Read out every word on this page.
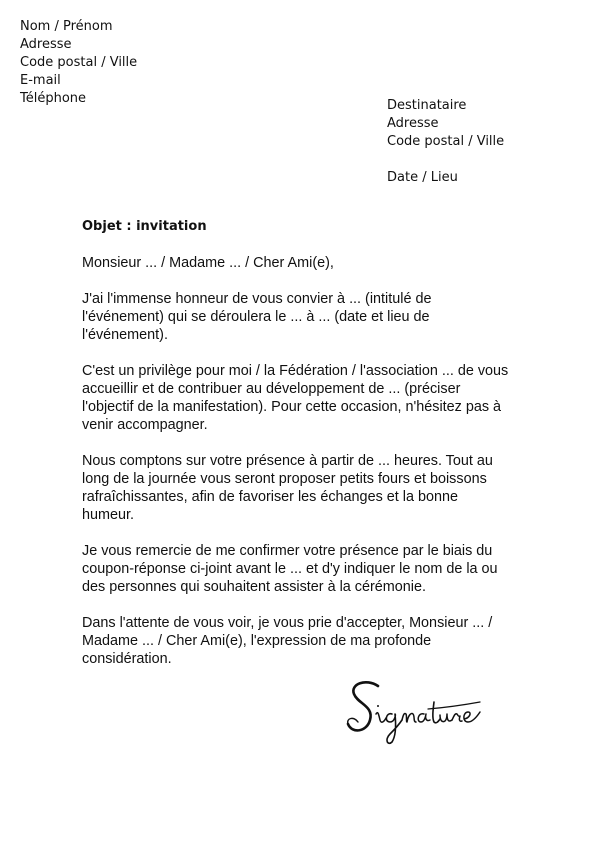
Nom / Prénom
Adresse
Code postal / Ville
E-mail
Téléphone	Destinataire
Adresse
Code postal / Ville
Date / Lieu
Objet : invitation

Monsieur ... / Madame ... / Cher Ami(e),

J'ai l'immense honneur de vous convier à ... (intitulé de l'événement) qui se déroulera le ... à ... (date et lieu de l'événement).

C'est un privilège pour moi / la Fédération / l'association ... de vous accueillir et de contribuer au développement de ... (préciser l'objectif de la manifestation). Pour cette occasion, n'hésitez pas à venir accompagner.

Nous comptons sur votre présence à partir de ... heures. Tout au long de la journée vous seront proposer petits fours et boissons rafraîchissantes, afin de favoriser les échanges et la bonne humeur.

Je vous remercie de me confirmer votre présence par le biais du coupon-réponse ci-joint avant le ... et d'y indiquer le nom de la ou des personnes qui souhaitent assister à la cérémonie.

Dans l'attente de vous voir, je vous prie d'accepter, Monsieur ... / Madame ... / Cher Ami(e), l'expression de ma profonde considération.
